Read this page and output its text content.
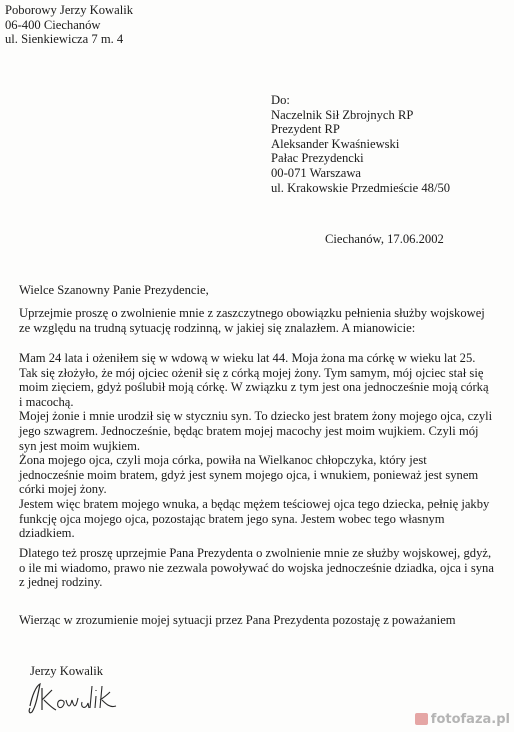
Poborowy Jerzy Kowalik
06-400 Ciechanów
ul. Sienkiewicza 7 m. 4
Do:
Naczelnik Sił Zbrojnych RP
Prezydent RP
Aleksander Kwaśniewski
Pałac Prezydencki
00-071 Warszawa
ul. Krakowskie Przedmieście 48/50
Ciechanów, 17.06.2002
Wielce Szanowny Panie Prezydencie,
Uprzejmie proszę o zwolnienie mnie z zaszczytnego obowiązku pełnienia służby wojskowej
ze względu na trudną sytuację rodzinną, w jakiej się znalazłem. A mianowicie:
Mam 24 lata i ożeniłem się w wdową w wieku lat 44. Moja żona ma córkę w wieku lat 25.
Tak się złożyło, że mój ojciec ożenił się z córką mojej żony. Tym samym, mój ojciec stał się
moim zięciem, gdyż poślubił moją córkę. W związku z tym jest ona jednocześnie moją córką
i macochą.
Mojej żonie i mnie urodził się w styczniu syn. To dziecko jest bratem żony mojego ojca, czyli
jego szwagrem. Jednocześnie, będąc bratem mojej macochy jest moim wujkiem. Czyli mój
syn jest moim wujkiem.
Żona mojego ojca, czyli moja córka, powiła na Wielkanoc chłopczyka, który jest
jednocześnie moim bratem, gdyż jest synem mojego ojca, i wnukiem, ponieważ jest synem
córki mojej żony.
Jestem więc bratem mojego wnuka, a będąc mężem teściowej ojca tego dziecka, pełnię jakby
funkcję ojca mojego ojca, pozostając bratem jego syna. Jestem wobec tego własnym
dziadkiem.
Dlatego też proszę uprzejmie Pana Prezydenta o zwolnienie mnie ze służby wojskowej, gdyż,
o ile mi wiadomo, prawo nie zezwala powoływać do wojska jednocześnie dziadka, ojca i syna
z jednej rodziny.
Wierząc w zrozumienie mojej sytuacji przez Pana Prezydenta pozostaję z poważaniem
Jerzy Kowalik
fotofaza.pl
